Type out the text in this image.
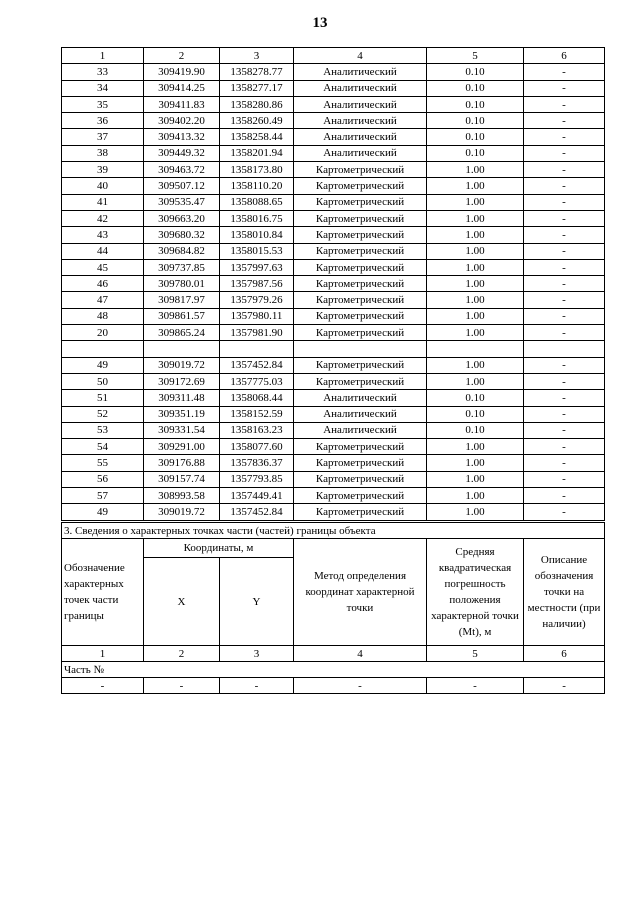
13
1	2	3	4	5	6
33	309419.90	1358278.77	Аналитический	0.10	-
34	309414.25	1358277.17	Аналитический	0.10	-
35	309411.83	1358280.86	Аналитический	0.10	-
36	309402.20	1358260.49	Аналитический	0.10	-
37	309413.32	1358258.44	Аналитический	0.10	-
38	309449.32	1358201.94	Аналитический	0.10	-
39	309463.72	1358173.80	Картометрический	1.00	-
40	309507.12	1358110.20	Картометрический	1.00	-
41	309535.47	1358088.65	Картометрический	1.00	-
42	309663.20	1358016.75	Картометрический	1.00	-
43	309680.32	1358010.84	Картометрический	1.00	-
44	309684.82	1358015.53	Картометрический	1.00	-
45	309737.85	1357997.63	Картометрический	1.00	-
46	309780.01	1357987.56	Картометрический	1.00	-
47	309817.97	1357979.26	Картометрический	1.00	-
48	309861.57	1357980.11	Картометрический	1.00	-
20	309865.24	1357981.90	Картометрический	1.00	-

49	309019.72	1357452.84	Картометрический	1.00	-
50	309172.69	1357775.03	Картометрический	1.00	-
51	309311.48	1358068.44	Аналитический	0.10	-
52	309351.19	1358152.59	Аналитический	0.10	-
53	309331.54	1358163.23	Аналитический	0.10	-
54	309291.00	1358077.60	Картометрический	1.00	-
55	309176.88	1357836.37	Картометрический	1.00	-
56	309157.74	1357793.85	Картометрический	1.00	-
57	308993.58	1357449.41	Картометрический	1.00	-
49	309019.72	1357452.84	Картометрический	1.00	-
3. Сведения о характерных точках части (частей) границы объекта					
Обозначение характерных точек части границы	Координаты, м		Метод определения координат характерной точки	Средняя квадратическая погрешность положения характерной точки (Mt), м	Описание обозначения точки на местности (при наличии)
	X	Y			
1	2	3	4	5	6
Часть №					
-	-	-	-	-	-
